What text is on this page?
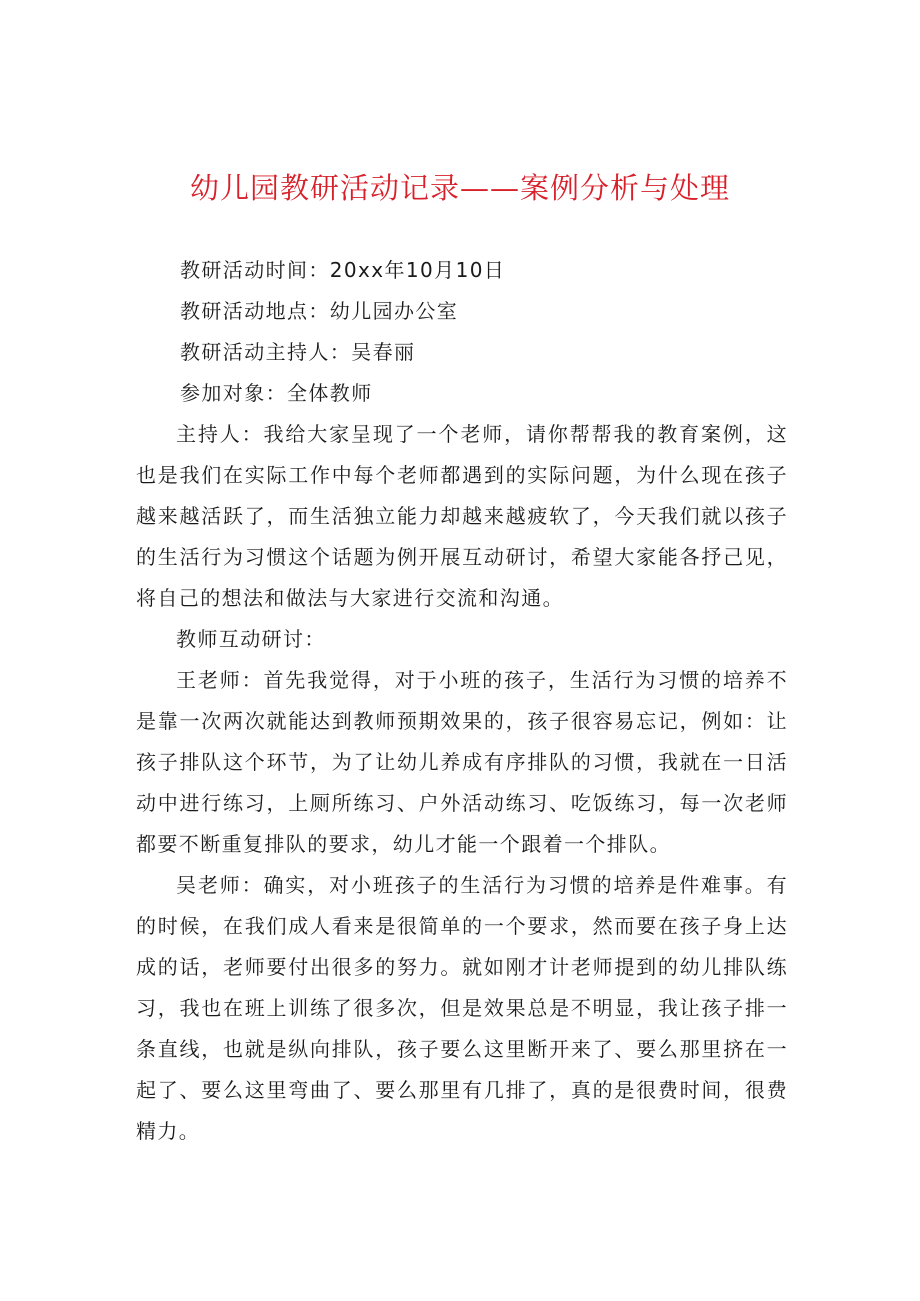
幼儿园教研活动记录——案例分析与处理

教研活动时间：20xx年10月10日

教研活动地点：幼儿园办公室

教研活动主持人：吴春丽

参加对象：全体教师

主持人：我给大家呈现了一个老师，请你帮帮我的教育案例，这也是我们在实际工作中每个老师都遇到的实际问题，为什么现在孩子越来越活跃了，而生活独立能力却越来越疲软了，今天我们就以孩子的生活行为习惯这个话题为例开展互动研讨，希望大家能各抒己见，将自己的想法和做法与大家进行交流和沟通。

教师互动研讨：

王老师：首先我觉得，对于小班的孩子，生活行为习惯的培养不是靠一次两次就能达到教师预期效果的，孩子很容易忘记，例如：让孩子排队这个环节，为了让幼儿养成有序排队的习惯，我就在一日活动中进行练习，上厕所练习、户外活动练习、吃饭练习，每一次老师都要不断重复排队的要求，幼儿才能一个跟着一个排队。

吴老师：确实，对小班孩子的生活行为习惯的培养是件难事。有的时候，在我们成人看来是很简单的一个要求，然而要在孩子身上达成的话，老师要付出很多的努力。就如刚才计老师提到的幼儿排队练习，我也在班上训练了很多次，但是效果总是不明显，我让孩子排一条直线，也就是纵向排队，孩子要么这里断开来了、要么那里挤在一起了、要么这里弯曲了、要么那里有几排了，真的是很费时间，很费精力。
